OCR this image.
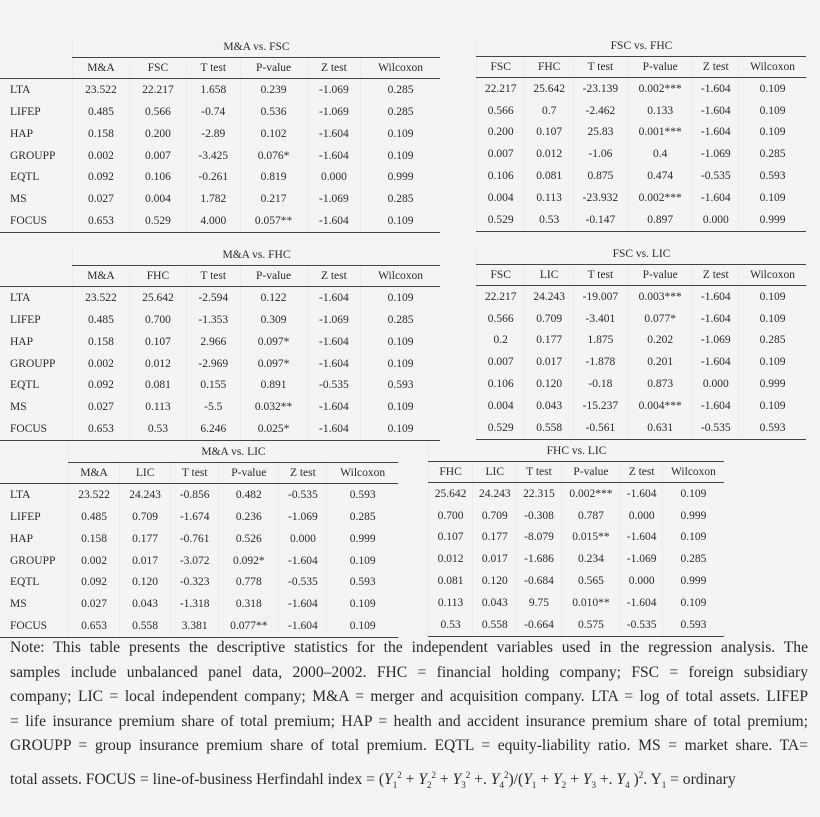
	M&A vs. FSC					
	M&A	FSC	T test	P-value	Z test	Wilcoxon
LTA	23.522	22.217	1.658	0.239	-1.069	0.285
LIFEP	0.485	0.566	-0.74	0.536	-1.069	0.285
HAP	0.158	0.200	-2.89	0.102	-1.604	0.109
GROUPP	0.002	0.007	-3.425	0.076*	-1.604	0.109
EQTL	0.092	0.106	-0.261	0.819	0.000	0.999
MS	0.027	0.004	1.782	0.217	-1.069	0.285
FOCUS	0.653	0.529	4.000	0.057**	-1.604	0.109
FSC vs. FHC					
FSC	FHC	T test	P-value	Z test	Wilcoxon
22.217	25.642	-23.139	0.002***	-1.604	0.109
0.566	0.7	-2.462	0.133	-1.604	0.109
0.200	0.107	25.83	0.001***	-1.604	0.109
0.007	0.012	-1.06	0.4	-1.069	0.285
0.106	0.081	0.875	0.474	-0.535	0.593
0.004	0.113	-23.932	0.002***	-1.604	0.109
0.529	0.53	-0.147	0.897	0.000	0.999
	M&A vs. FHC					
	M&A	FHC	T test	P-value	Z test	Wilcoxon
LTA	23.522	25.642	-2.594	0.122	-1.604	0.109
LIFEP	0.485	0.700	-1.353	0.309	-1.069	0.285
HAP	0.158	0.107	2.966	0.097*	-1.604	0.109
GROUPP	0.002	0.012	-2.969	0.097*	-1.604	0.109
EQTL	0.092	0.081	0.155	0.891	-0.535	0.593
MS	0.027	0.113	-5.5	0.032**	-1.604	0.109
FOCUS	0.653	0.53	6.246	0.025*	-1.604	0.109
FSC vs. LIC					
FSC	LIC	T test	P-value	Z test	Wilcoxon
22.217	24.243	-19.007	0.003***	-1.604	0.109
0.566	0.709	-3.401	0.077*	-1.604	0.109
0.2	0.177	1.875	0.202	-1.069	0.285
0.007	0.017	-1.878	0.201	-1.604	0.109
0.106	0.120	-0.18	0.873	0.000	0.999
0.004	0.043	-15.237	0.004***	-1.604	0.109
0.529	0.558	-0.561	0.631	-0.535	0.593
	M&A vs. LIC					
	M&A	LIC	T test	P-value	Z test	Wilcoxon
LTA	23.522	24.243	-0.856	0.482	-0.535	0.593
LIFEP	0.485	0.709	-1.674	0.236	-1.069	0.285
HAP	0.158	0.177	-0.761	0.526	0.000	0.999
GROUPP	0.002	0.017	-3.072	0.092*	-1.604	0.109
EQTL	0.092	0.120	-0.323	0.778	-0.535	0.593
MS	0.027	0.043	-1.318	0.318	-1.604	0.109
FOCUS	0.653	0.558	3.381	0.077**	-1.604	0.109
FHC vs. LIC					
FHC	LIC	T test	P-value	Z test	Wilcoxon
25.642	24.243	22.315	0.002***	-1.604	0.109
0.700	0.709	-0.308	0.787	0.000	0.999
0.107	0.177	-8.079	0.015**	-1.604	0.109
0.012	0.017	-1.686	0.234	-1.069	0.285
0.081	0.120	-0.684	0.565	0.000	0.999
0.113	0.043	9.75	0.010**	-1.604	0.109
0.53	0.558	-0.664	0.575	-0.535	0.593

Note: This table presents the descriptive statistics for the independent variables used in the regression analysis. The

samples include unbalanced panel data, 2000–2002. FHC = financial holding company; FSC = foreign subsidiary

company; LIC = local independent company; M&A = merger and acquisition company. LTA = log of total assets. LIFEP

= life insurance premium share of total premium; HAP = health and accident insurance premium share of total premium;

GROUPP = group insurance premium share of total premium. EQTL = equity-liability ratio. MS = market share. TA=

total assets. FOCUS = line-of-business Herfindahl index = ($Y_1^2 + Y_2^2 + Y_3^2$ +. $Y_4^2)/(Y_1 + Y_2 + Y_3$ +. $Y_4$ )$^2$. $Y_1$ = ordinary
